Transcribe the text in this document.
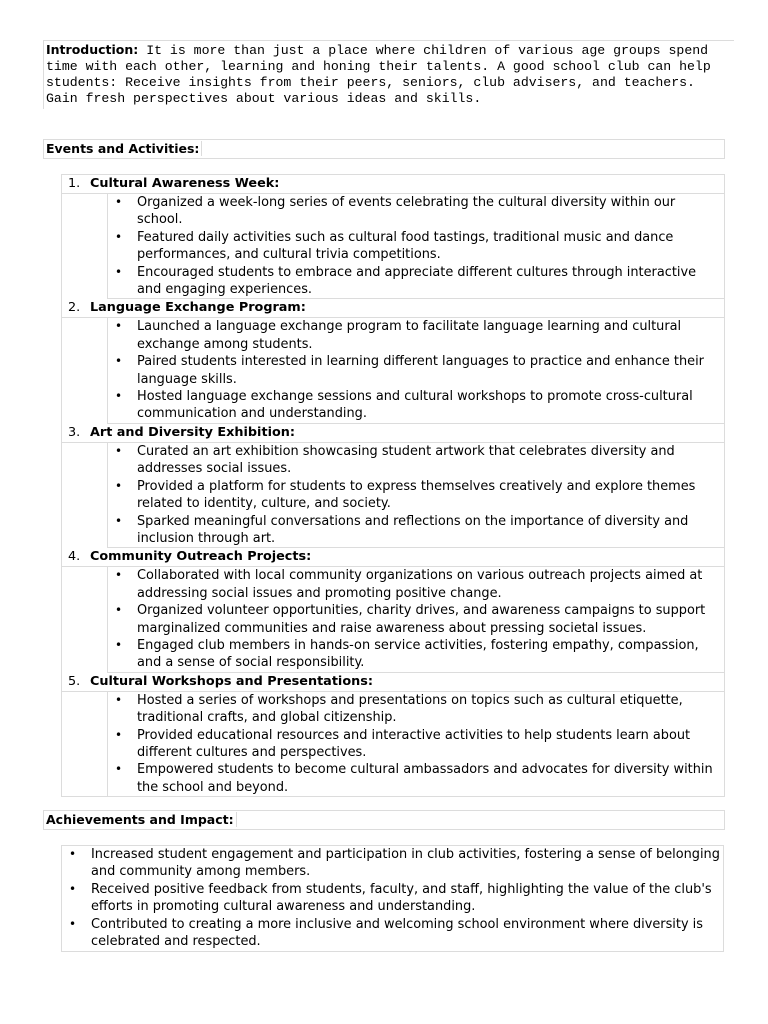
Introduction: It is more than just a place where children of various age groups spend time with each other, learning and honing their talents. A good school club can help students: Receive insights from their peers, seniors, club advisers, and teachers. Gain fresh perspectives about various ideas and skills.
Events and Activities:
1. Cultural Awareness Week:
• Organized a week-long series of events celebrating the cultural diversity within our school.
• Featured daily activities such as cultural food tastings, traditional music and dance performances, and cultural trivia competitions.
• Encouraged students to embrace and appreciate different cultures through interactive and engaging experiences.
2. Language Exchange Program:
• Launched a language exchange program to facilitate language learning and cultural exchange among students.
• Paired students interested in learning different languages to practice and enhance their language skills.
• Hosted language exchange sessions and cultural workshops to promote cross-cultural communication and understanding.
3. Art and Diversity Exhibition:
• Curated an art exhibition showcasing student artwork that celebrates diversity and addresses social issues.
• Provided a platform for students to express themselves creatively and explore themes related to identity, culture, and society.
• Sparked meaningful conversations and reflections on the importance of diversity and inclusion through art.
4. Community Outreach Projects:
• Collaborated with local community organizations on various outreach projects aimed at addressing social issues and promoting positive change.
• Organized volunteer opportunities, charity drives, and awareness campaigns to support marginalized communities and raise awareness about pressing societal issues.
• Engaged club members in hands-on service activities, fostering empathy, compassion, and a sense of social responsibility.
5. Cultural Workshops and Presentations:
• Hosted a series of workshops and presentations on topics such as cultural etiquette, traditional crafts, and global citizenship.
• Provided educational resources and interactive activities to help students learn about different cultures and perspectives.
• Empowered students to become cultural ambassadors and advocates for diversity within the school and beyond.
Achievements and Impact:
• Increased student engagement and participation in club activities, fostering a sense of belonging and community among members.
• Received positive feedback from students, faculty, and staff, highlighting the value of the club's efforts in promoting cultural awareness and understanding.
• Contributed to creating a more inclusive and welcoming school environment where diversity is celebrated and respected.
